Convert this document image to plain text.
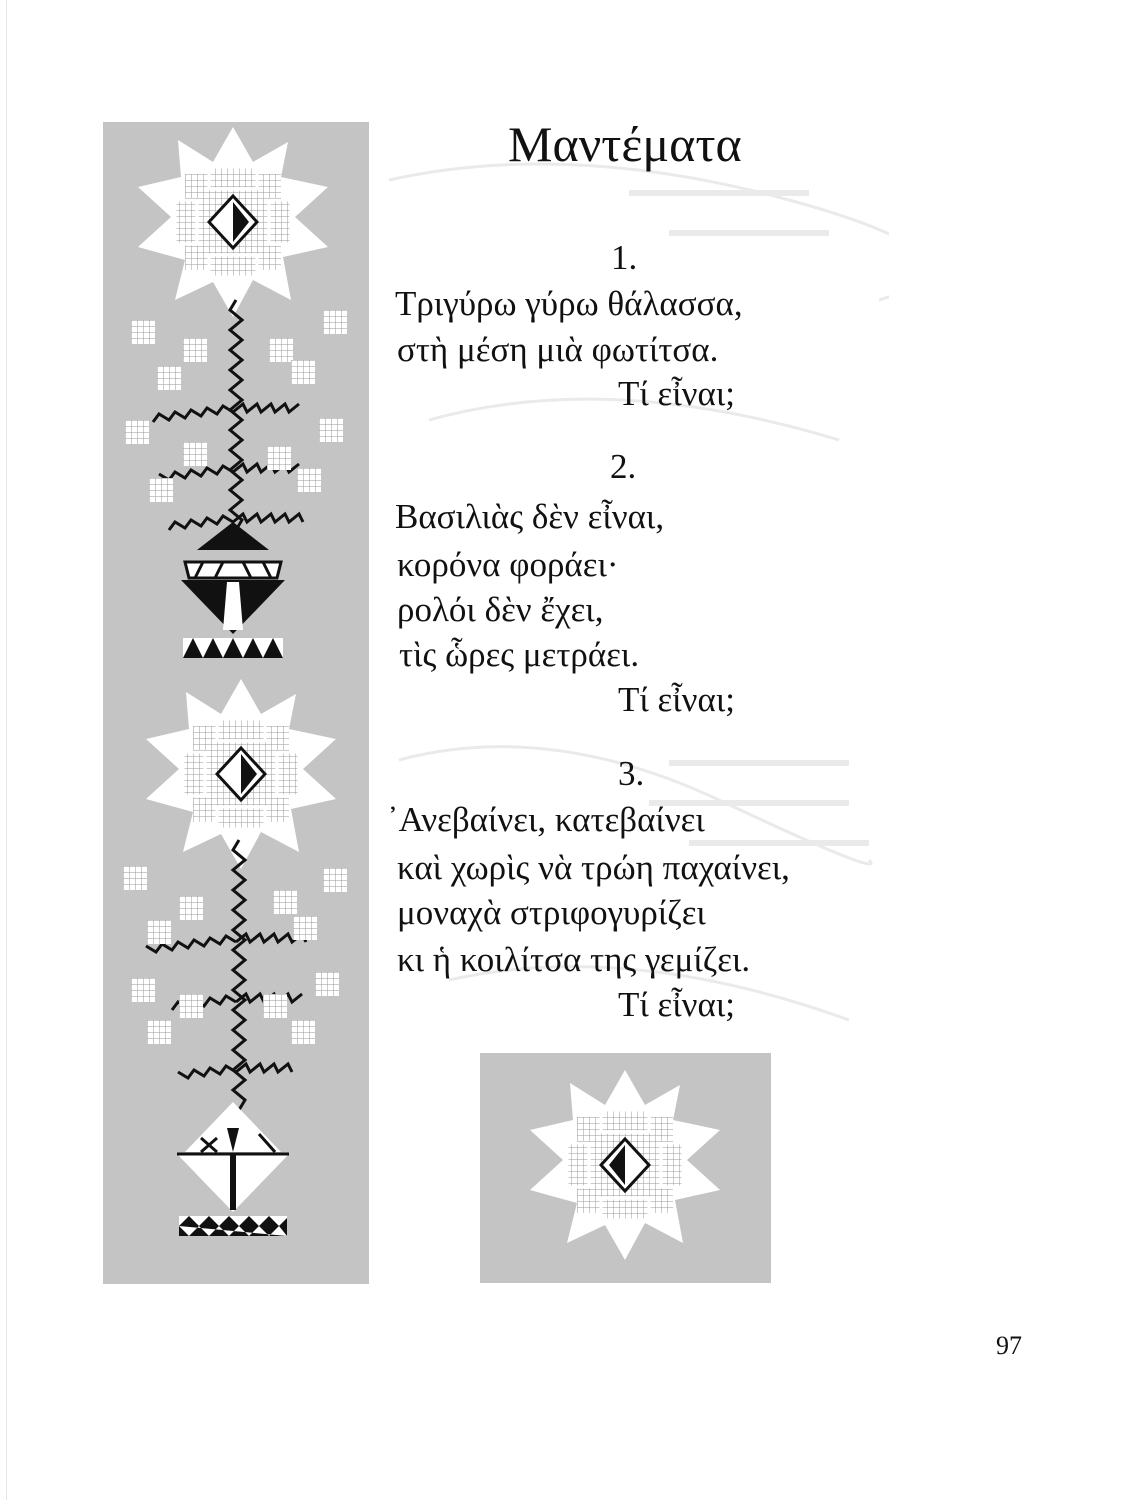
Μαντέματα
1.
Τριγύρω γύρω θάλασσα,
στὴ μέση μιὰ φωτίτσα.
Τί εἶναι;
2.
Βασιλιὰς δὲν εἶναι,
κορόνα φοράει·
ρολόι δὲν ἔχει,
τὶς ὧρες μετράει.
Τί εἶναι;
3.
᾿Ανεβαίνει, κατεβαίνει
καὶ χωρὶς νὰ τρώη παχαίνει,
μοναχὰ στριφογυρίζει
κι ἡ κοιλίτσα της γεμίζει.
Τί εἶναι;
97
